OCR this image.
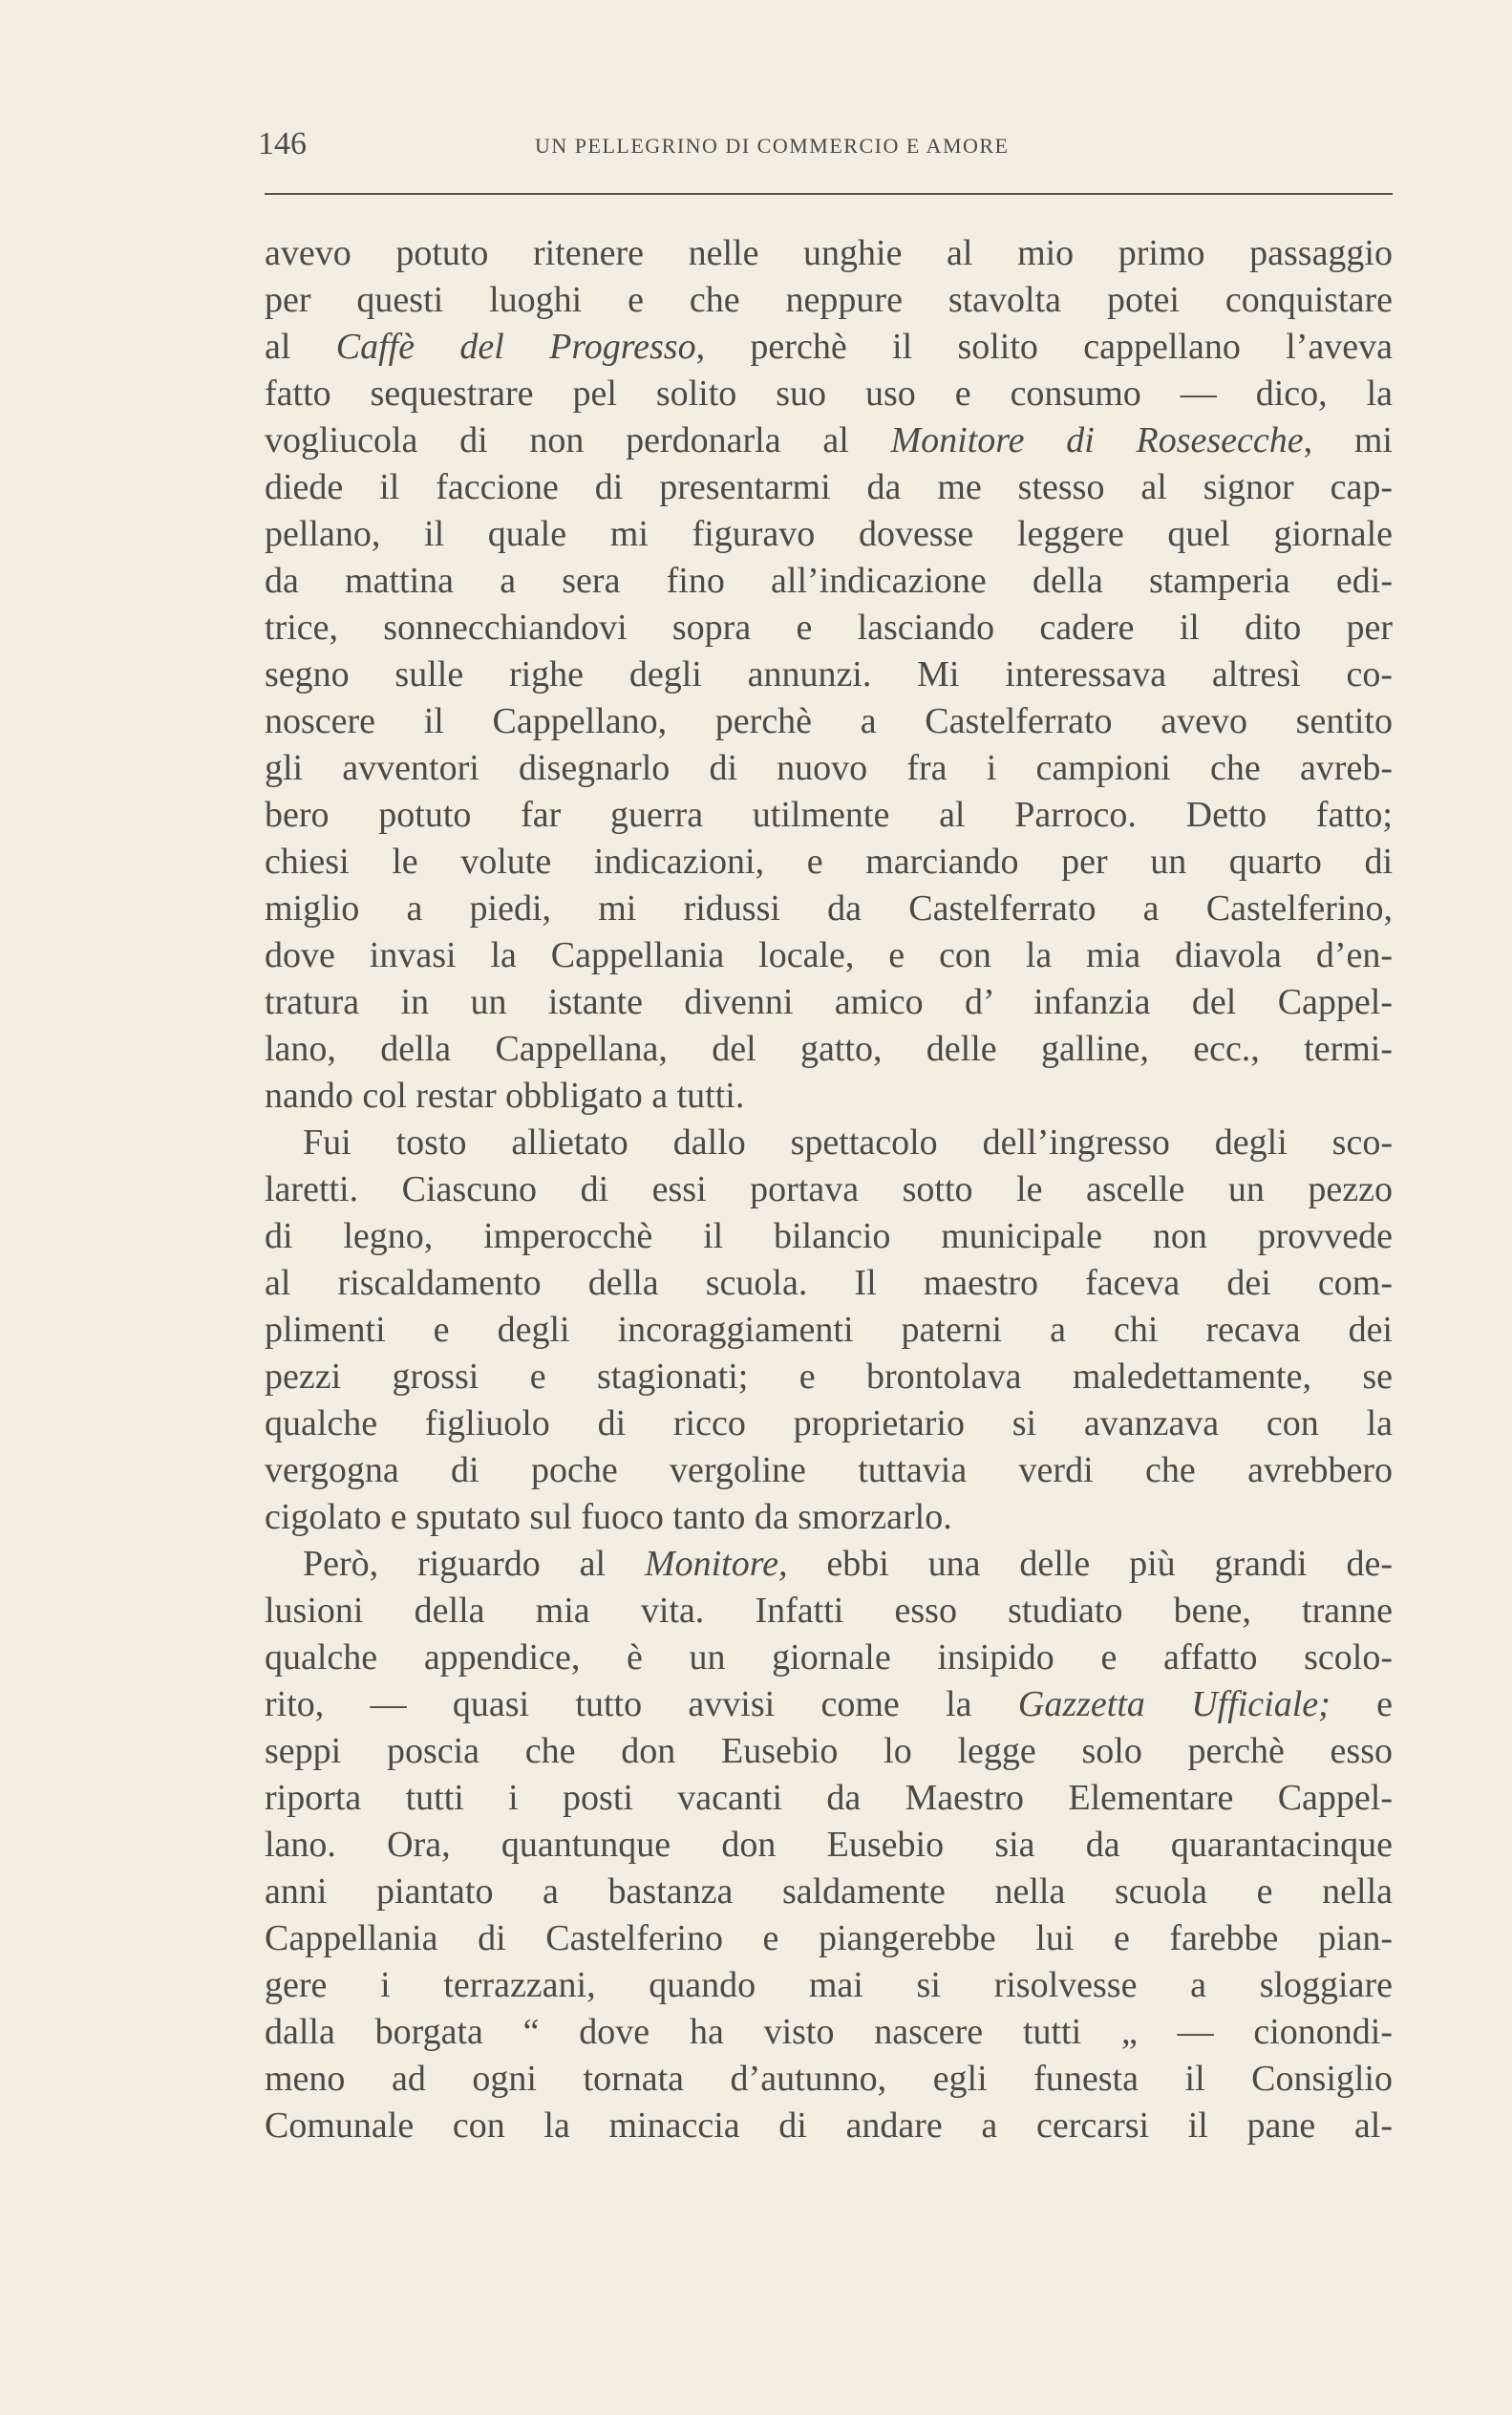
146	UN PELLEGRINO DI COMMERCIO E AMORE
avevo potuto ritenere nelle unghie al mio primo passaggio
per questi luoghi e che neppure stavolta potei conquistare
al Caffè del Progresso, perchè il solito cappellano l’aveva
fatto sequestrare pel solito suo uso e consumo — dico, la
vogliucola di non perdonarla al Monitore di Rosesecche, mi
diede il faccione di presentarmi da me stesso al signor cap-
pellano, il quale mi figuravo dovesse leggere quel giornale
da mattina a sera fino all’indicazione della stamperia edi-
trice, sonnecchiandovi sopra e lasciando cadere il dito per
segno sulle righe degli annunzi. Mi interessava altresì co-
noscere il Cappellano, perchè a Castelferrato avevo sentito
gli avventori disegnarlo di nuovo fra i campioni che avreb-
bero potuto far guerra utilmente al Parroco. Detto fatto;
chiesi le volute indicazioni, e marciando per un quarto di
miglio a piedi, mi ridussi da Castelferrato a Castelferino,
dove invasi la Cappellania locale, e con la mia diavola d’en-
tratura in un istante divenni amico d’ infanzia del Cappel-
lano, della Cappellana, del gatto, delle galline, ecc., termi-
nando col restar obbligato a tutti.
Fui tosto allietato dallo spettacolo dell’ingresso degli sco-
laretti. Ciascuno di essi portava sotto le ascelle un pezzo
di legno, imperocchè il bilancio municipale non provvede
al riscaldamento della scuola. Il maestro faceva dei com-
plimenti e degli incoraggiamenti paterni a chi recava dei
pezzi grossi e stagionati; e brontolava maledettamente, se
qualche figliuolo di ricco proprietario si avanzava con la
vergogna di poche vergoline tuttavia verdi che avrebbero
cigolato e sputato sul fuoco tanto da smorzarlo.
Però, riguardo al Monitore, ebbi una delle più grandi de-
lusioni della mia vita. Infatti esso studiato bene, tranne
qualche appendice, è un giornale insipido e affatto scolo-
rito, — quasi tutto avvisi come la Gazzetta Ufficiale; e
seppi poscia che don Eusebio lo legge solo perchè esso
riporta tutti i posti vacanti da Maestro Elementare Cappel-
lano. Ora, quantunque don Eusebio sia da quarantacinque
anni piantato a bastanza saldamente nella scuola e nella
Cappellania di Castelferino e piangerebbe lui e farebbe pian-
gere i terrazzani, quando mai si risolvesse a sloggiare
dalla borgata “ dove ha visto nascere tutti „ — cionondi-
meno ad ogni tornata d’autunno, egli funesta il Consiglio
Comunale con la minaccia di andare a cercarsi il pane al-
